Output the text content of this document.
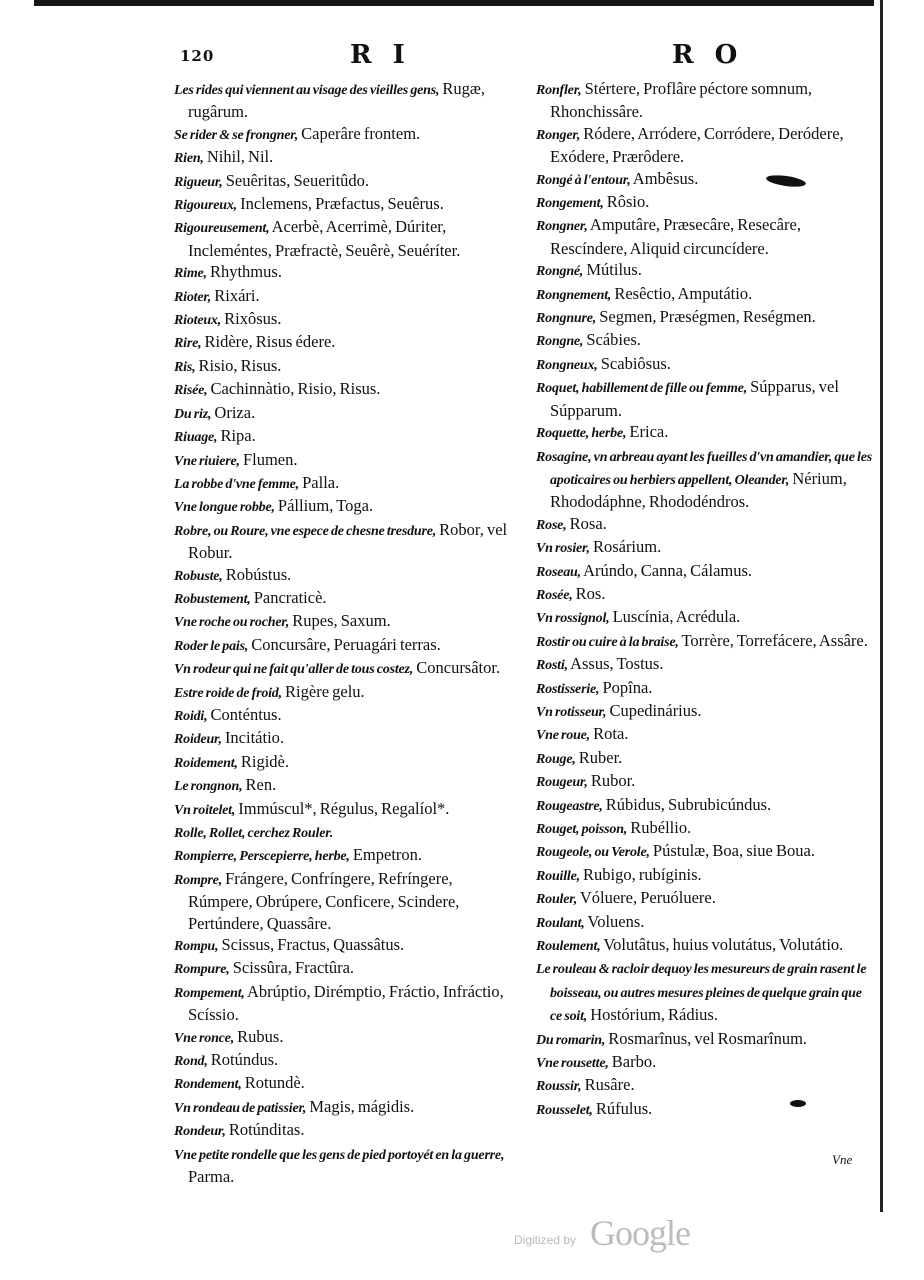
120	R I	R O
Les rides qui viennent au visage des vieilles gens, Rugæ, rugârum.
Se rider & se frongner, Caperâre frontem.
Rien, Nihil, Nil.
Rigueur, Seuêritas, Seueritûdo.
Rigoureux, Inclemens, Præfactus, Seuêrus.
Rigoureusement, Acerbè, Acerrimè, Dúriter, Incleméntes, Præfractè, Seuêrè, Seuéríter.
Rime, Rhythmus.
Rioter, Rixári.
Rioteux, Rixôsus.
Rire, Ridère, Risus édere.
Ris, Risio, Risus.
Risée, Cachinnàtio, Risio, Risus.
Du riz, Oriza.
Riuage, Ripa.
Vne riuiere, Flumen.
La robbe d'vne femme, Palla.
Vne longue robbe, Pállium, Toga.
Robre, ou Roure, vne espece de chesne tresdure, Robor, vel Robur.
Robuste, Robústus.
Robustement, Pancraticè.
Vne roche ou rocher, Rupes, Saxum.
Roder le pais, Concursâre, Peruagári terras.
Vn rodeur qui ne fait qu'aller de tous costez, Concursâtor.
Estre roide de froid, Rigère gelu.
Roidi, Conténtus.
Roideur, Incitátio.
Roidement, Rigidè.
Le rongnon, Ren.
Vn roitelet, Immúscul*, Régulus, Regalíol*.
Rolle, Rollet, cerchez Rouler.
Rompierre, Perscepierre, herbe, Empetron.
Rompre, Frángere, Confríngere, Refríngere, Rúmpere, Obrúpere, Conficere, Scindere, Pertúndere, Quassâre.
Rompu, Scissus, Fractus, Quassâtus.
Rompure, Scissûra, Fractûra.
Rompement, Abrúptio, Dirémptio, Fráctio, Infráctio, Scíssio.
Vne ronce, Rubus.
Rond, Rotúndus.
Rondement, Rotundè.
Vn rondeau de patissier, Magis, mágidis.
Rondeur, Rotúnditas.
Vne petite rondelle que les gens de pied portoyét en la guerre, Parma.
Ronfler, Stértere, Proflâre péctore somnum, Rhonchissâre.
Ronger, Ródere, Arródere, Corródere, Deródere, Exódere, Prærôdere.
Rongé à l'entour, Ambêsus.
Rongement, Rôsio.
Rongner, Amputâre, Præsecâre, Resecâre, Rescíndere, Aliquid circuncídere.
Rongné, Mútilus.
Rongnement, Resêctio, Amputátio.
Rongnure, Segmen, Præségmen, Reségmen.
Rongne, Scábies.
Rongneux, Scabiôsus.
Roquet, habillement de fille ou femme, Súpparus, vel Súpparum.
Roquette, herbe, Erica.
Rosagine, vn arbreau ayant les fueilles d'vn amandier, que les apoticaires ou herbiers appellent, Oleander, Nérium, Rhododáphne, Rhododéndros.
Rose, Rosa.
Vn rosier, Rosárium.
Roseau, Arúndo, Canna, Cálamus.
Rosée, Ros.
Vn rossignol, Luscínia, Acrédula.
Rostir ou cuire à la braise, Torrère, Torrefácere, Assâre.
Rosti, Assus, Tostus.
Rostisserie, Popîna.
Vn rotisseur, Cupedinárius.
Vne roue, Rota.
Rouge, Ruber.
Rougeur, Rubor.
Rougeastre, Rúbidus, Subrubicúndus.
Rouget, poisson, Rubéllio.
Rougeole, ou Verole, Pústulæ, Boa, siue Boua.
Rouille, Rubigo, rubíginis.
Rouler, Vóluere, Peruóluere.
Roulant, Voluens.
Roulement, Volutâtus, huius volutátus, Volutátio.
Le rouleau & racloir dequoy les mesureurs de grain rasent le boisseau, ou autres mesures pleines de quelque grain que ce soit, Hostórium, Rádius.
Du romarin, Rosmarînus, vel Rosmarînum.
Vne rousette, Barbo.
Roussir, Rusâre.
Rousselet, Rúfulus.
Vne
Digitized by Google
